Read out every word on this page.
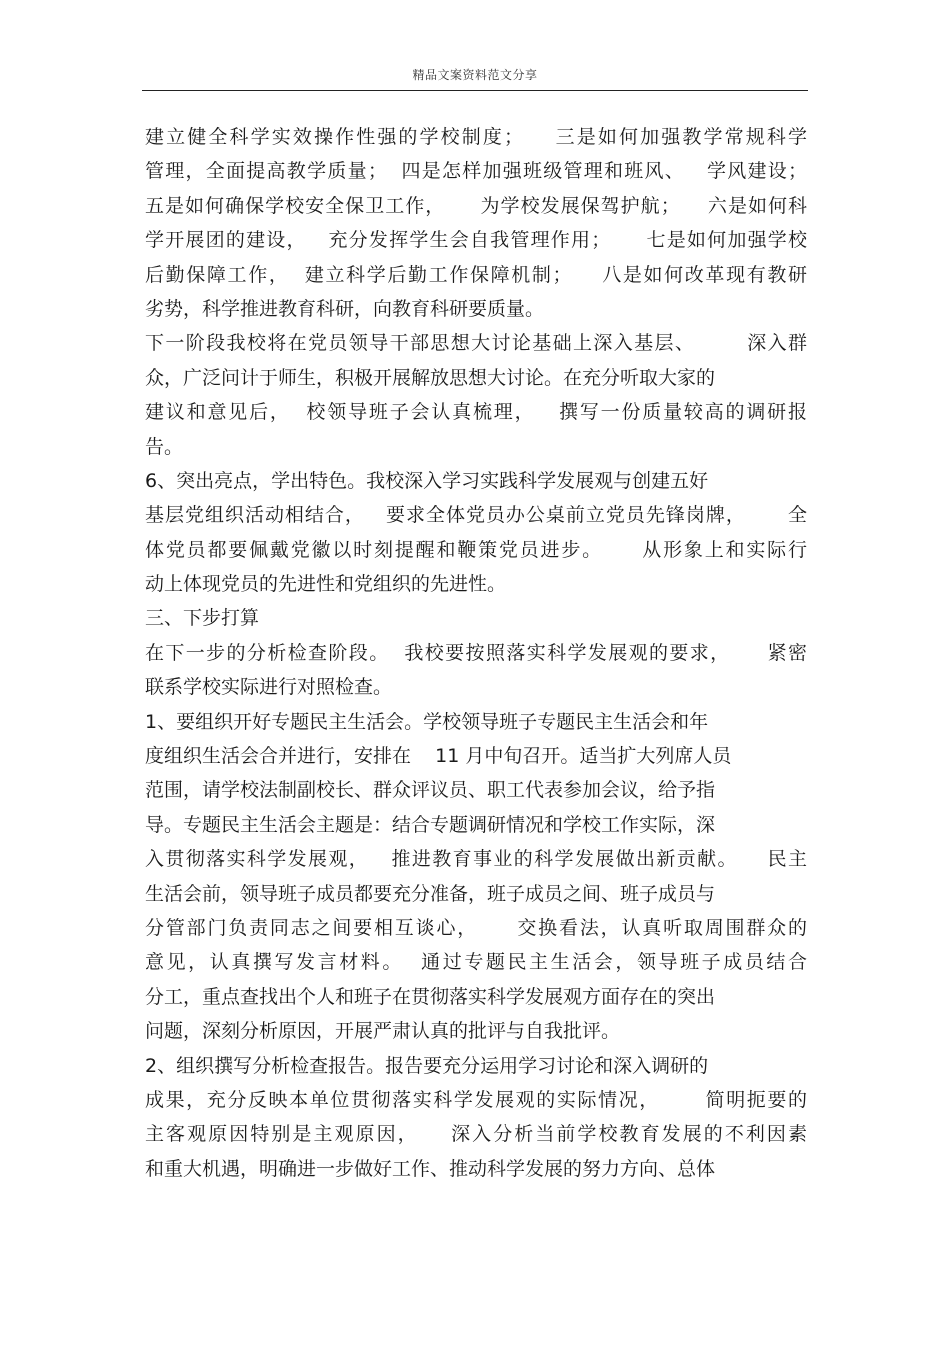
精品文案资料范文分享
建立健全科学实效操作性强的学校制度；    三是如何加强教学常规科学
管理，全面提高教学质量；  四是怎样加强班级管理和班风、   学风建设；
五是如何确保学校安全保卫工作，     为学校发展保驾护航；    六是如何科
学开展团的建设，   充分发挥学生会自我管理作用；     七是如何加强学校
后勤保障工作，  建立科学后勤工作保障机制；    八是如何改革现有教研
劣势，科学推进教育科研，向教育科研要质量。
下一阶段我校将在党员领导干部思想大讨论基础上深入基层、       深入群
众，广泛问计于师生，积极开展解放思想大讨论。在充分听取大家的
建议和意见后，  校领导班子会认真梳理，   撰写一份质量较高的调研报
告。
6、突出亮点，学出特色。我校深入学习实践科学发展观与创建五好
基层党组织活动相结合，   要求全体党员办公桌前立党员先锋岗牌，      全
体党员都要佩戴党徽以时刻提醒和鞭策党员进步。     从形象上和实际行
动上体现党员的先进性和党组织的先进性。
三、下步打算
在下一步的分析检查阶段。  我校要按照落实科学发展观的要求，     紧密
联系学校实际进行对照检查。
1、要组织开好专题民主生活会。学校领导班子专题民主生活会和年
度组织生活会合并进行，安排在    11 月中旬召开。适当扩大列席人员
范围，请学校法制副校长、群众评议员、职工代表参加会议，给予指
导。专题民主生活会主题是：结合专题调研情况和学校工作实际，深
入贯彻落实科学发展观，   推进教育事业的科学发展做出新贡献。    民主
生活会前，领导班子成员都要充分准备，班子成员之间、班子成员与
分管部门负责同志之间要相互谈心，     交换看法，认真听取周围群众的
意见，认真撰写发言材料。  通过专题民主生活会，领导班子成员结合
分工，重点查找出个人和班子在贯彻落实科学发展观方面存在的突出
问题，深刻分析原因，开展严肃认真的批评与自我批评。
2、组织撰写分析检查报告。报告要充分运用学习讨论和深入调研的
成果，充分反映本单位贯彻落实科学发展观的实际情况，      简明扼要的
主客观原因特别是主观原因，    深入分析当前学校教育发展的不利因素
和重大机遇，明确进一步做好工作、推动科学发展的努力方向、总体
